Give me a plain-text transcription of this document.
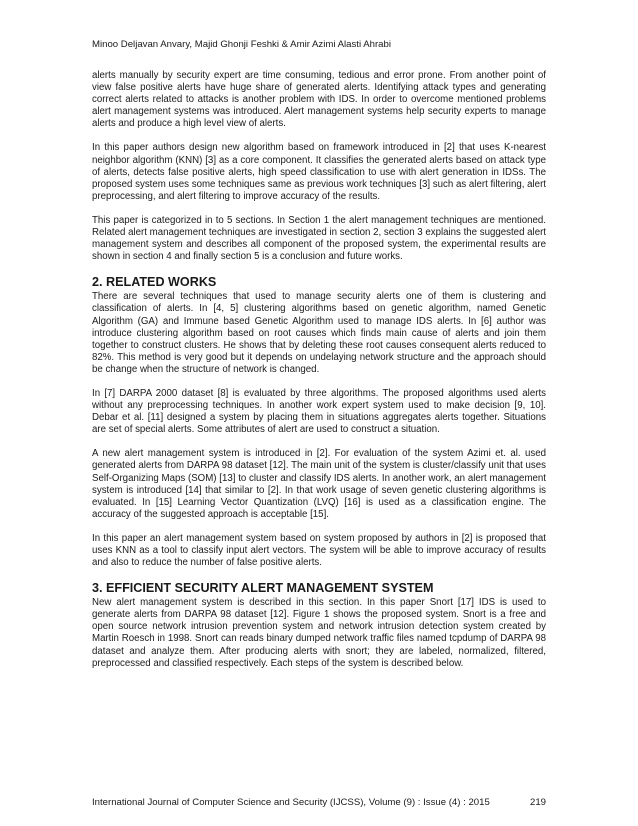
Minoo Deljavan Anvary, Majid Ghonji Feshki & Amir Azimi Alasti Ahrabi

alerts manually by security expert are time consuming, tedious and error prone. From another point of view false positive alerts have huge share of generated alerts. Identifying attack types and generating correct alerts related to attacks is another problem with IDS. In order to overcome mentioned problems alert management systems was introduced. Alert management systems help security experts to manage alerts and produce a high level view of alerts.

In this paper authors design new algorithm based on framework introduced in [2] that uses K-nearest neighbor algorithm (KNN) [3] as a core component. It classifies the generated alerts based on attack type of alerts, detects false positive alerts, high speed classification to use with alert generation in IDSs. The proposed system uses some techniques same as previous work techniques [3] such as alert filtering, alert preprocessing, and alert filtering to improve accuracy of the results.

This paper is categorized in to 5 sections. In Section 1 the alert management techniques are mentioned. Related alert management techniques are investigated in section 2, section 3 explains the suggested alert management system and describes all component of the proposed system, the experimental results are shown in section 4 and finally section 5 is a conclusion and future works.

2. RELATED WORKS

There are several techniques that used to manage security alerts one of them is clustering and classification of alerts. In [4, 5] clustering algorithms based on genetic algorithm, named Genetic Algorithm (GA) and Immune based Genetic Algorithm used to manage IDS alerts. In [6] author was introduce clustering algorithm based on root causes which finds main cause of alerts and join them together to construct clusters. He shows that by deleting these root causes consequent alerts reduced to 82%. This method is very good but it depends on undelaying network structure and the approach should be change when the structure of network is changed.

In [7] DARPA 2000 dataset [8] is evaluated by three algorithms. The proposed algorithms used alerts without any preprocessing techniques. In another work expert system used to make decision [9, 10]. Debar et al. [11] designed a system by placing them in situations aggregates alerts together. Situations are set of special alerts. Some attributes of alert are used to construct a situation.

A new alert management system is introduced in [2]. For evaluation of the system Azimi et. al. used generated alerts from DARPA 98 dataset [12]. The main unit of the system is cluster/classify unit that uses Self-Organizing Maps (SOM) [13] to cluster and classify IDS alerts. In another work, an alert management system is introduced [14] that similar to [2]. In that work usage of seven genetic clustering algorithms is evaluated. In [15] Learning Vector Quantization (LVQ) [16] is used as a classification engine. The accuracy of the suggested approach is acceptable [15].

In this paper an alert management system based on system proposed by authors in [2] is proposed that uses KNN as a tool to classify input alert vectors. The system will be able to improve accuracy of results and also to reduce the number of false positive alerts.

3. EFFICIENT SECURITY ALERT MANAGEMENT SYSTEM

New alert management system is described in this section. In this paper Snort [17] IDS is used to generate alerts from DARPA 98 dataset [12]. Figure 1 shows the proposed system. Snort is a free and open source network intrusion prevention system and network intrusion detection system created by Martin Roesch in 1998. Snort can reads binary dumped network traffic files named tcpdump of DARPA 98 dataset and analyze them. After producing alerts with snort; they are labeled, normalized, filtered, preprocessed and classified respectively. Each steps of the system is described below.

International Journal of Computer Science and Security (IJCSS), Volume (9) : Issue (4) : 2015	219
